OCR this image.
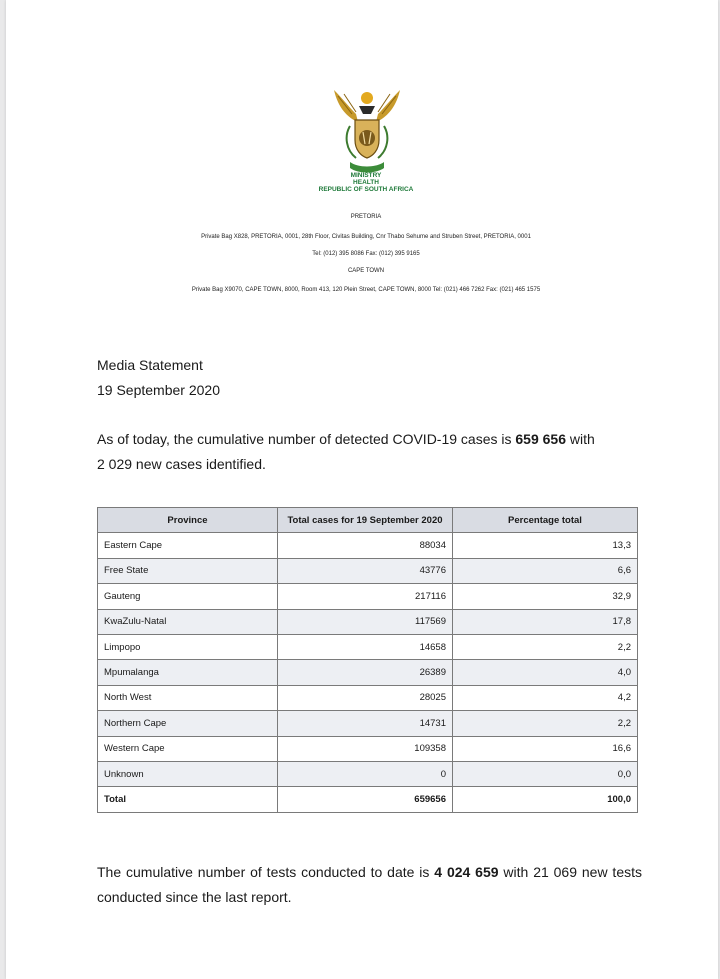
MINISTRY
HEALTH
REPUBLIC OF SOUTH AFRICA
PRETORIA
Private Bag X828, PRETORIA, 0001, 28th Floor, Civitas Building, Cnr Thabo Sehume and Struben Street, PRETORIA, 0001
Tel: (012) 395 8086 Fax: (012) 395 9165
CAPE TOWN
Private Bag X9070, CAPE TOWN, 8000, Room 413, 120 Plein Street, CAPE TOWN, 8000 Tel: (021) 466 7262 Fax: (021) 465 1575
Media Statement
19 September 2020
As of today, the cumulative number of detected COVID-19 cases is 659 656 with
2 029 new cases identified.
Province	Total cases for 19 September 2020	Percentage total
Eastern Cape	88034	13,3
Free State	43776	6,6
Gauteng	217116	32,9
KwaZulu-Natal	117569	17,8
Limpopo	14658	2,2
Mpumalanga	26389	4,0
North West	28025	4,2
Northern Cape	14731	2,2
Western Cape	109358	16,6
Unknown	0	0,0
Total	659656	100,0
The cumulative number of tests conducted to date is 4 024 659 with 21 069 new tests conducted since the last report.
